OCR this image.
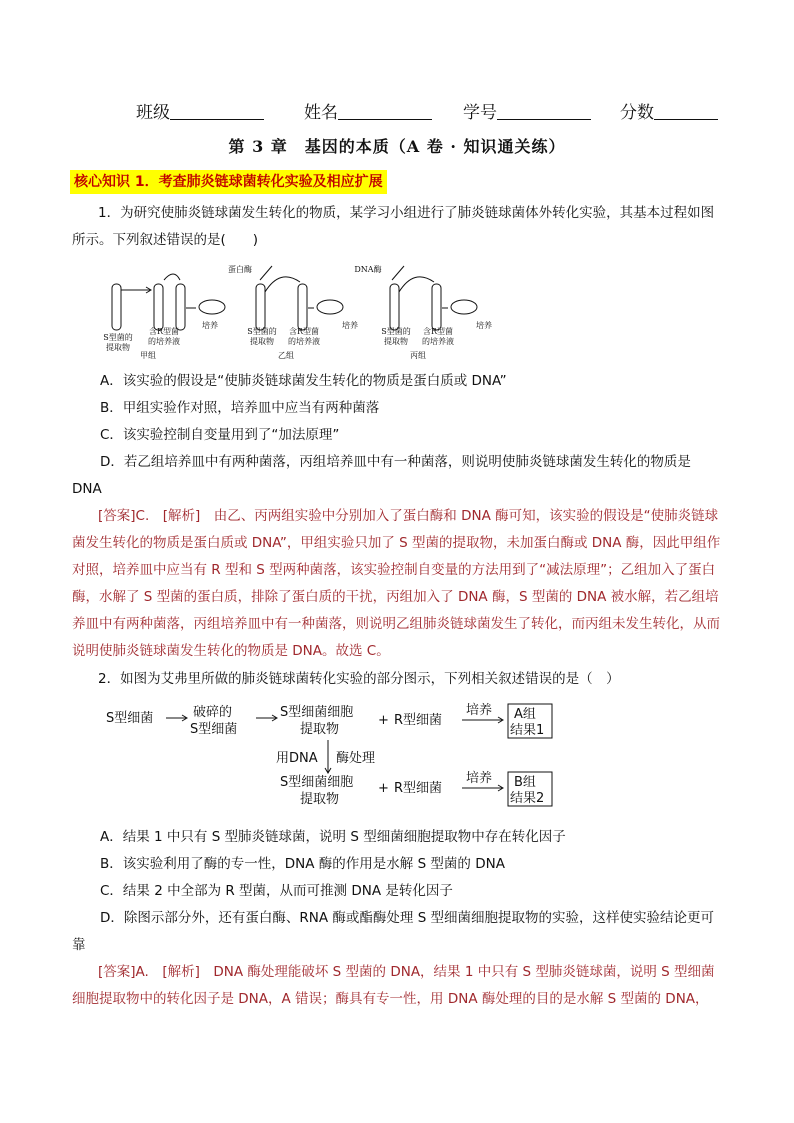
班级	姓名	学号	分数
第 3 章　基因的本质（A 卷 · 知识通关练）
核心知识 1．考查肺炎链球菌转化实验及相应扩展
1．为研究使肺炎链球菌发生转化的物质，某学习小组进行了肺炎链球菌体外转化实验，其基本过程如图所示。下列叙述错误的是(　　)
蛋白酶	DNA酶
S型菌的
提取物
含R型菌
的培养液
培养
甲组
S型菌的
提取物
含R型菌
的培养液
培养
乙组
S型菌的
提取物
含R型菌
的培养液
培养
丙组
A．该实验的假设是“使肺炎链球菌发生转化的物质是蛋白质或 DNA”
B．甲组实验作对照，培养皿中应当有两种菌落
C．该实验控制自变量用到了“加法原理”
D．若乙组培养皿中有两种菌落，丙组培养皿中有一种菌落，则说明使肺炎链球菌发生转化的物质是 DNA
[答案]C.　[解析]　由乙、丙两组实验中分别加入了蛋白酶和 DNA 酶可知，该实验的假设是“使肺炎链球菌发生转化的物质是蛋白质或 DNA”，甲组实验只加了 S 型菌的提取物，未加蛋白酶或 DNA 酶，因此甲组作对照，培养皿中应当有 R 型和 S 型两种菌落，该实验控制自变量的方法用到了“减法原理”；乙组加入了蛋白酶，水解了 S 型菌的蛋白质，排除了蛋白质的干扰，丙组加入了 DNA 酶，S 型菌的 DNA 被水解，若乙组培养皿中有两种菌落，丙组培养皿中有一种菌落，则说明乙组肺炎链球菌发生了转化，而丙组未发生转化，从而说明使肺炎链球菌发生转化的物质是 DNA。故选 C。
2．如图为艾弗里所做的肺炎链球菌转化实验的部分图示，下列相关叙述错误的是（　）
S型细菌	破碎的
S型细菌
S型细菌细胞
提取物
+ R型细菌
培养 A组
结果1
用DNA 酶处理
S型细菌细胞
提取物
+ R型细菌
培养 B组
结果2
A．结果 1 中只有 S 型肺炎链球菌，说明 S 型细菌细胞提取物中存在转化因子
B．该实验利用了酶的专一性，DNA 酶的作用是水解 S 型菌的 DNA
C．结果 2 中全部为 R 型菌，从而可推测 DNA 是转化因子
D．除图示部分外，还有蛋白酶、RNA 酶或酯酶处理 S 型细菌细胞提取物的实验，这样使实验结论更可靠
[答案]A.　[解析]　DNA 酶处理能破坏 S 型菌的 DNA，结果 1 中只有 S 型肺炎链球菌，说明 S 型细菌细胞提取物中的转化因子是 DNA，A 错误；酶具有专一性，用 DNA 酶处理的目的是水解 S 型菌的 DNA，
